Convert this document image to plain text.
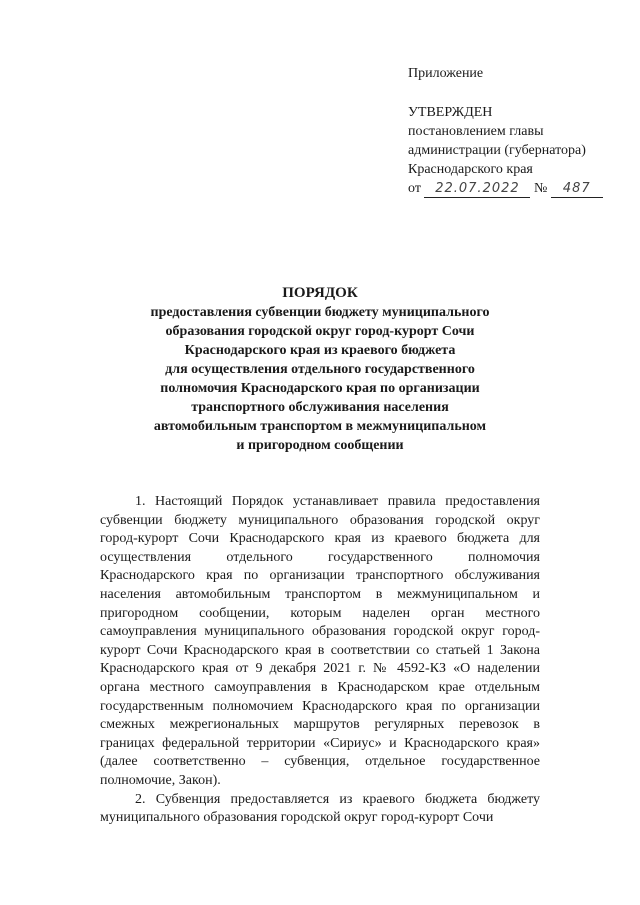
Приложение
УТВЕРЖДЕН
постановлением главы
администрации (губернатора)
Краснодарского края
от 22.07.2022 № 487
ПОРЯДОК
предоставления субвенции бюджету муниципального
образования городской округ город-курорт Сочи
Краснодарского края из краевого бюджета
для осуществления отдельного государственного
полномочия Краснодарского края по организации
транспортного обслуживания населения
автомобильным транспортом в межмуниципальном
и пригородном сообщении

1. Настоящий Порядок устанавливает правила предоставления субвенции бюджету муниципального образования городской округ город-курорт Сочи Краснодарского края из краевого бюджета для осуществления отдельного государственного полномочия Краснодарского края по организации транспортного обслуживания населения автомобильным транспортом в межмуниципальном и пригородном сообщении, которым наделен орган местного самоуправления муниципального образования городской округ город-курорт Сочи Краснодарского края в соответствии со статьей 1 Закона Краснодарского края от 9 декабря 2021 г. № 4592-КЗ «О наделении органа местного самоуправления в Краснодарском крае отдельным государственным полномочием Краснодарского края по организации смежных межрегиональных маршрутов регулярных перевозок в границах федеральной территории «Сириус» и Краснодарского края» (далее соответственно – субвенция, отдельное государственное полномочие, Закон).

2. Субвенция предоставляется из краевого бюджета бюджету муниципального образования городской округ город-курорт Сочи
